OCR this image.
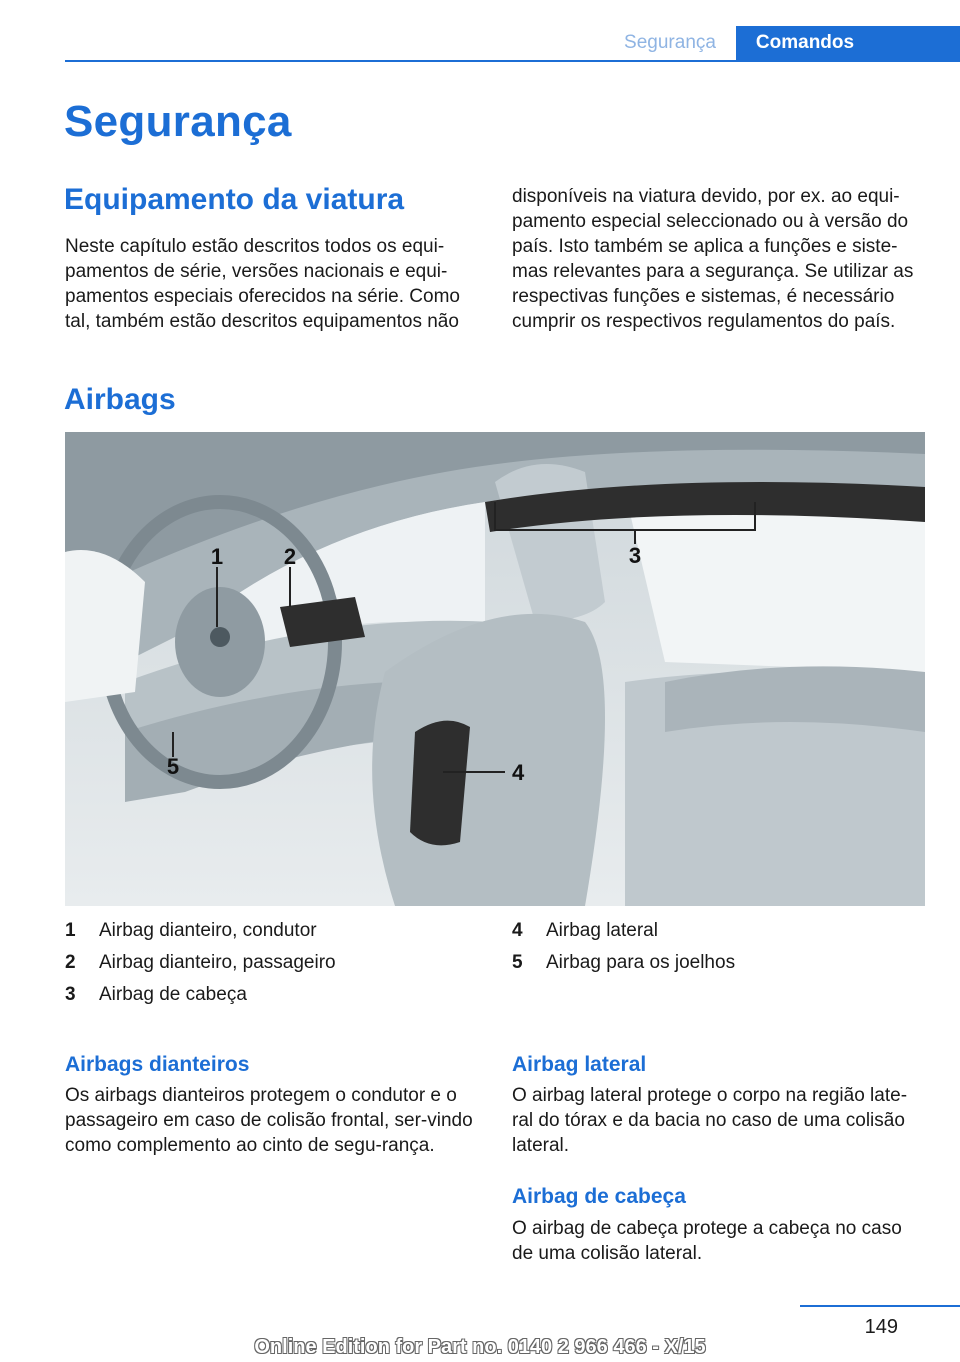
Segurança	Comandos
Segurança
Equipamento da viatura

Neste capítulo estão descritos todos os equi-pamentos de série, versões nacionais e equi-pamentos especiais oferecidos na série. Como tal, também estão descritos equipamentos não

disponíveis na viatura devido, por ex. ao equi-pamento especial seleccionado ou à versão do país. Isto também se aplica a funções e siste-mas relevantes para a segurança. Se utilizar as respectivas funções e sistemas, é necessário cumprir os respectivos regulamentos do país.

Airbags
1	2	3
4
5
1	Airbag dianteiro, condutor
2	Airbag dianteiro, passageiro
3	Airbag de cabeça
4	Airbag lateral
5	Airbag para os joelhos
Airbags dianteiros

Os airbags dianteiros protegem o condutor e o passageiro em caso de colisão frontal, ser-vindo como complemento ao cinto de segu-rança.

Airbag lateral

O airbag lateral protege o corpo na região late-ral do tórax e da bacia no caso de uma colisão lateral.

Airbag de cabeça

O airbag de cabeça protege a cabeça no caso de uma colisão lateral.

149
Online Edition for Part no. 0140 2 966 466 - X/15
